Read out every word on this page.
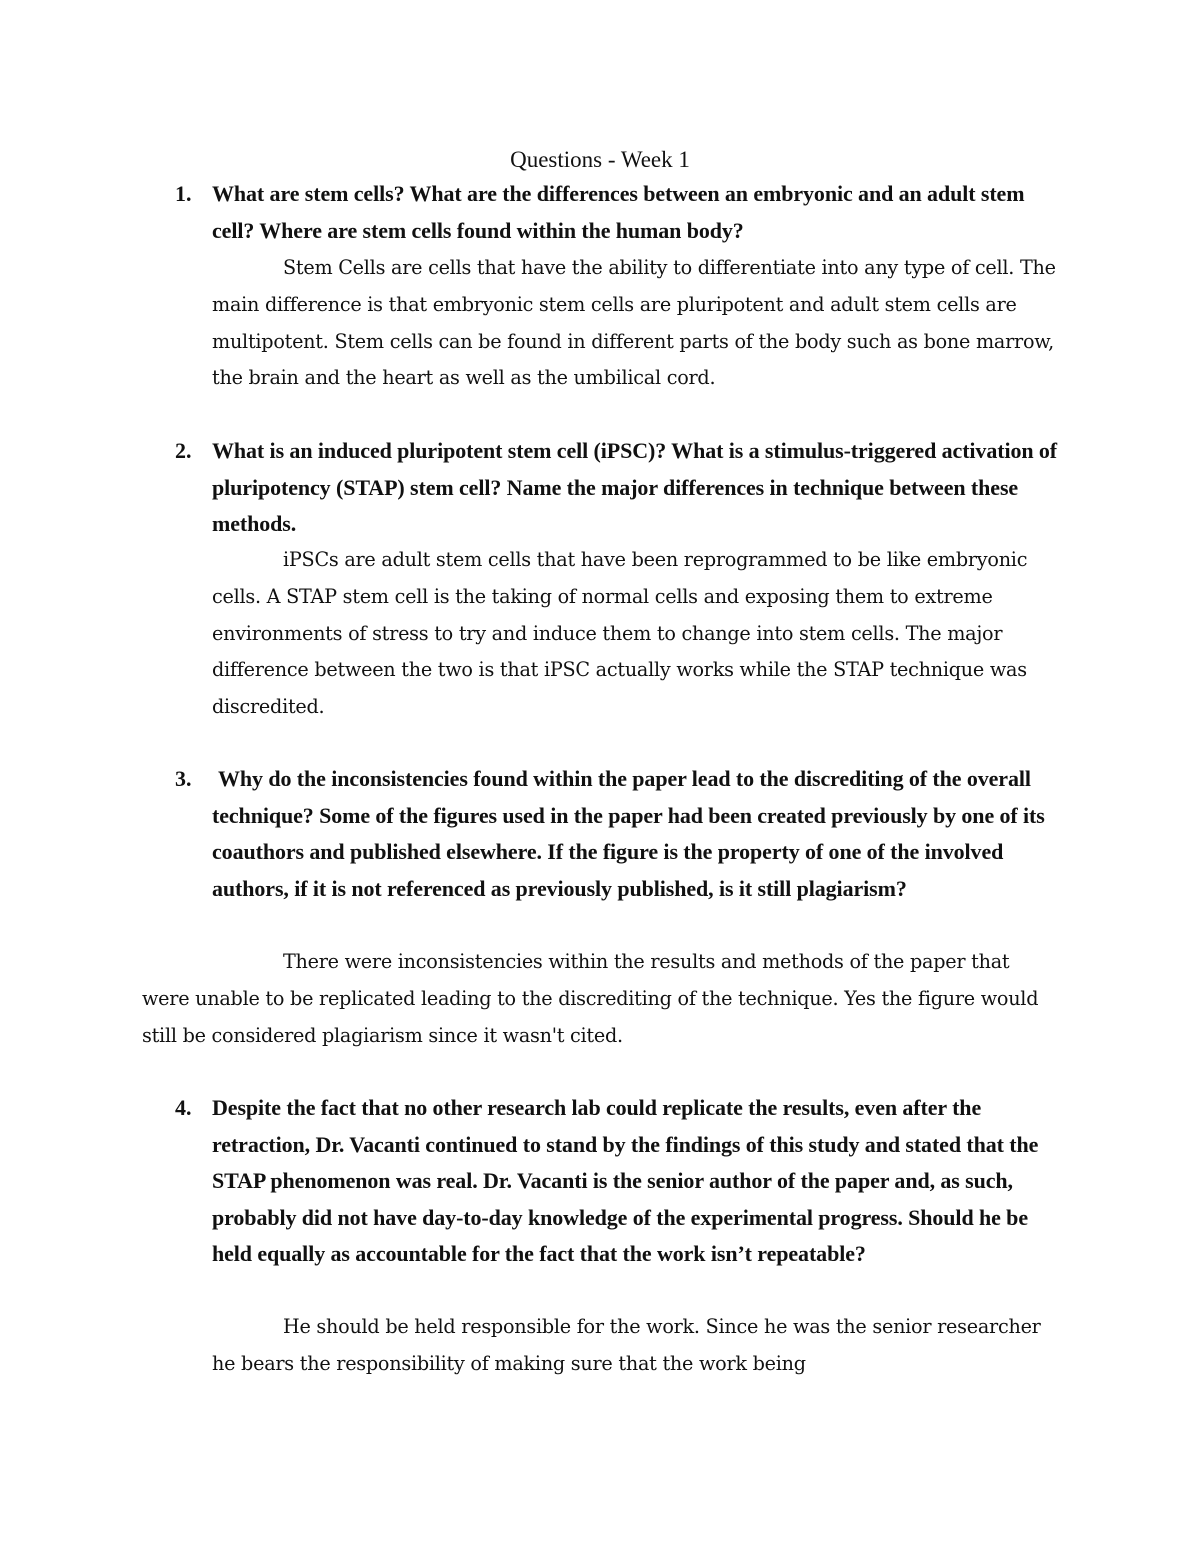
Questions - Week 1
1. What are stem cells? What are the differences between an embryonic and an adult stem cell? Where are stem cells found within the human body?

Stem Cells are cells that have the ability to differentiate into any type of cell. The main difference is that embryonic stem cells are pluripotent and adult stem cells are multipotent. Stem cells can be found in different parts of the body such as bone marrow, the brain and the heart as well as the umbilical cord.

2. What is an induced pluripotent stem cell (iPSC)? What is a stimulus-triggered activation of pluripotency (STAP) stem cell? Name the major differences in technique between these methods.

iPSCs are adult stem cells that have been reprogrammed to be like embryonic cells. A STAP stem cell is the taking of normal cells and exposing them to extreme environments of stress to try and induce them to change into stem cells. The major difference between the two is that iPSC actually works while the STAP technique was discredited.

3. Why do the inconsistencies found within the paper lead to the discrediting of the overall technique? Some of the figures used in the paper had been created previously by one of its coauthors and published elsewhere. If the figure is the property of one of the involved authors, if it is not referenced as previously published, is it still plagiarism?

There were inconsistencies within the results and methods of the paper that were unable to be replicated leading to the discrediting of the technique. Yes the figure would still be considered plagiarism since it wasn't cited.

4. Despite the fact that no other research lab could replicate the results, even after the retraction, Dr. Vacanti continued to stand by the findings of this study and stated that the STAP phenomenon was real. Dr. Vacanti is the senior author of the paper and, as such, probably did not have day-to-day knowledge of the experimental progress. Should he be held equally as accountable for the fact that the work isn’t repeatable?

He should be held responsible for the work. Since he was the senior researcher he bears the responsibility of making sure that the work being
